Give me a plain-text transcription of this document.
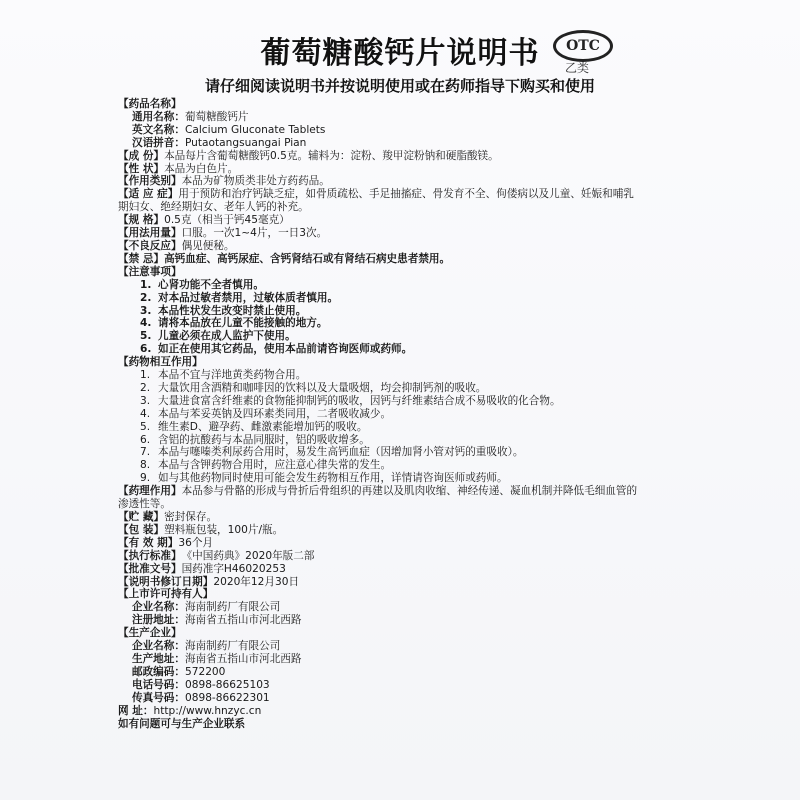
葡萄糖酸钙片说明书	OTC
乙类
请仔细阅读说明书并按说明使用或在药师指导下购买和使用
【药品名称】
通用名称：葡萄糖酸钙片
英文名称：Calcium Gluconate Tablets
汉语拼音：Putaotangsuangai Pian
【成 份】本品每片含葡萄糖酸钙0.5克。辅料为：淀粉、羧甲淀粉钠和硬脂酸镁。
【性 状】本品为白色片。
【作用类别】本品为矿物质类非处方药药品。
【适 应 症】用于预防和治疗钙缺乏症，如骨质疏松、手足抽搐症、骨发育不全、佝偻病以及儿童、妊娠和哺乳期妇女、绝经期妇女、老年人钙的补充。
【规 格】0.5克（相当于钙45毫克）
【用法用量】口服。一次1~4片，一日3次。
【不良反应】偶见便秘。
【禁 忌】高钙血症、高钙尿症、含钙肾结石或有肾结石病史患者禁用。
【注意事项】
1. 心肾功能不全者慎用。
2. 对本品过敏者禁用，过敏体质者慎用。
3. 本品性状发生改变时禁止使用。
4. 请将本品放在儿童不能接触的地方。
5. 儿童必须在成人监护下使用。
6. 如正在使用其它药品，使用本品前请咨询医师或药师。
【药物相互作用】
1. 本品不宜与洋地黄类药物合用。
2. 大量饮用含酒精和咖啡因的饮料以及大量吸烟，均会抑制钙剂的吸收。
3. 大量进食富含纤维素的食物能抑制钙的吸收，因钙与纤维素结合成不易吸收的化合物。
4. 本品与苯妥英钠及四环素类同用，二者吸收减少。
5. 维生素D、避孕药、雌激素能增加钙的吸收。
6. 含铝的抗酸药与本品同服时，铝的吸收增多。
7. 本品与噻嗪类利尿药合用时，易发生高钙血症（因增加肾小管对钙的重吸收）。
8. 本品与含钾药物合用时，应注意心律失常的发生。
9. 如与其他药物同时使用可能会发生药物相互作用，详情请咨询医师或药师。
【药理作用】本品参与骨骼的形成与骨折后骨组织的再建以及肌肉收缩、神经传递、凝血机制并降低毛细血管的渗透性等。
【贮 藏】密封保存。
【包 装】塑料瓶包装，100片/瓶。
【有 效 期】36个月
【执行标准】《中国药典》2020年版二部
【批准文号】国药准字H46020253
【说明书修订日期】2020年12月30日
【上市许可持有人】
企业名称：海南制药厂有限公司
注册地址：海南省五指山市河北西路
【生产企业】
企业名称：海南制药厂有限公司
生产地址：海南省五指山市河北西路
邮政编码：572200
电话号码：0898-86625103
传真号码：0898-86622301
网 址：http://www.hnzyc.cn
如有问题可与生产企业联系
